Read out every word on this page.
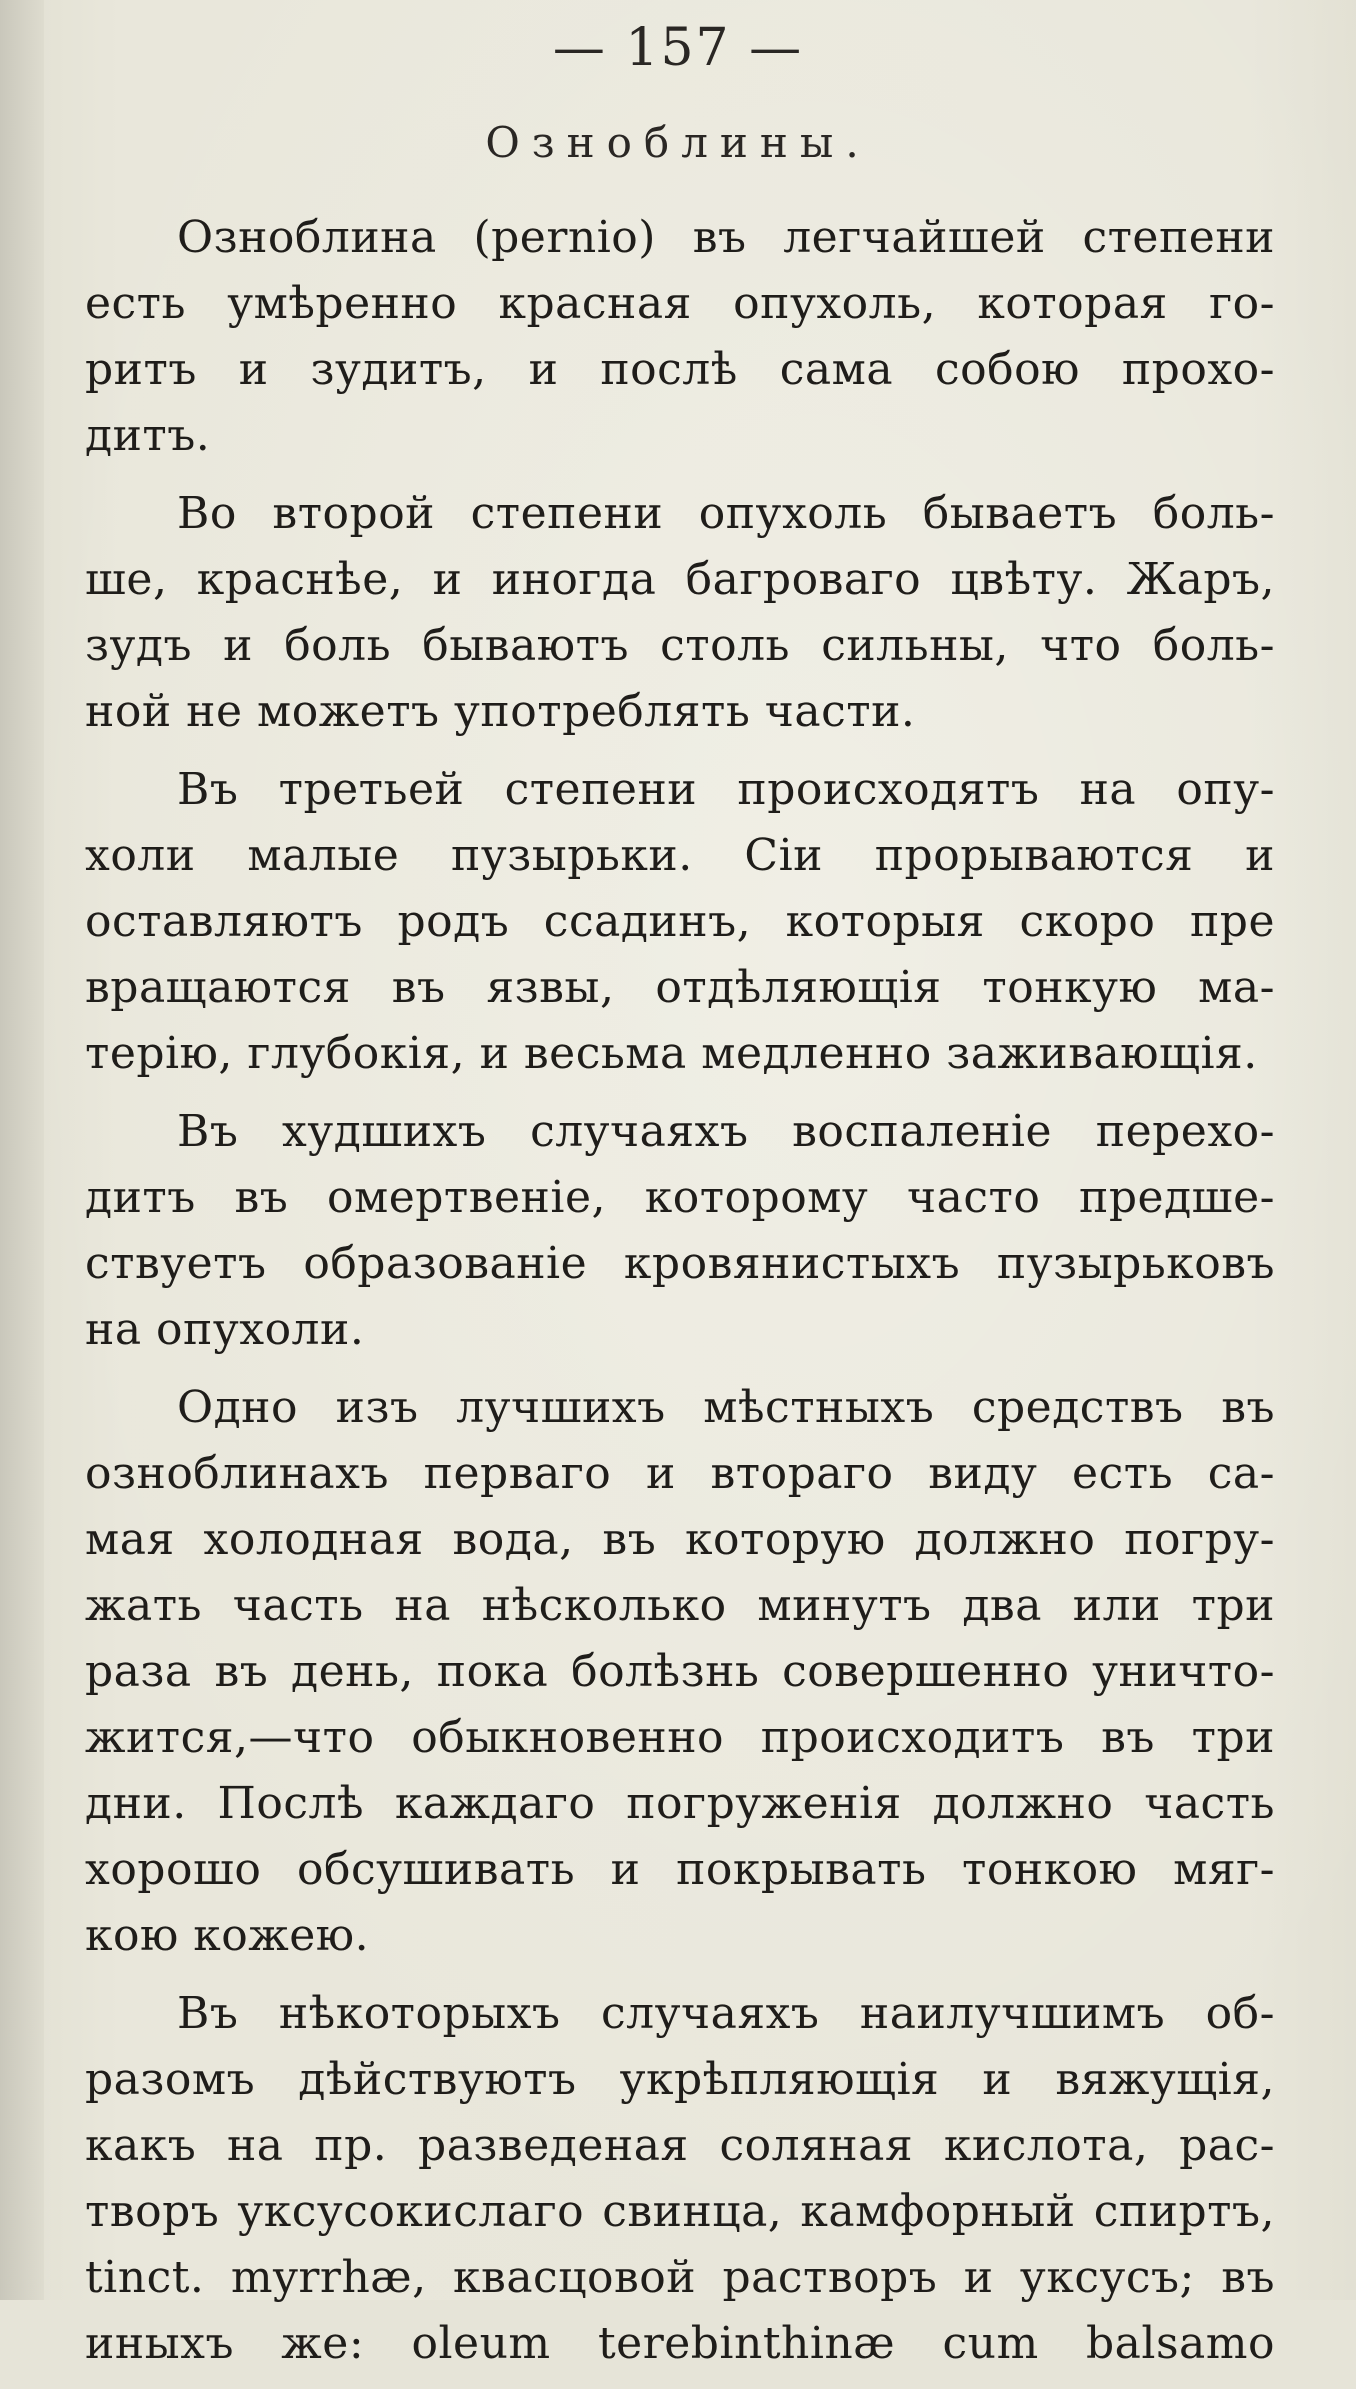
— 157 —
Озноблины.
Озноблина (pernio) въ легчайшей степени
есть умѣренно красная опухоль, которая го-
ритъ и зудитъ, и послѣ сама собою прохо-
дитъ.
Во второй степени опухоль бываетъ боль-
ше, краснѣе, и иногда багроваго цвѣту. Жаръ,
зудъ и боль бываютъ столь сильны, что боль-
ной не можетъ употреблять части.
Въ третьей степени происходятъ на опу-
холи малые пузырьки. Сіи прорываются и
оставляютъ родъ ссадинъ, которыя скоро пре
вращаются въ язвы, отдѣляющія тонкую ма-
терію, глубокія, и весьма медленно заживающія.
Въ худшихъ случаяхъ воспаленіе перехо-
дитъ въ омертвеніе, которому часто предше-
ствуетъ образованіе кровянистыхъ пузырьковъ
на опухоли.
Одно изъ лучшихъ мѣстныхъ средствъ въ
озноблинахъ перваго и втораго виду есть са-
мая холодная вода, въ которую должно погру-
жать часть на нѣсколько минутъ два или три
раза въ день, пока болѣзнь совершенно уничто-
жится,—что обыкновенно происходитъ въ три
дни. Послѣ каждаго погруженія должно часть
хорошо обсушивать и покрывать тонкою мяг-
кою кожею.
Въ нѣкоторыхъ случаяхъ наилучшимъ об-
разомъ дѣйствуютъ укрѣпляющія и вяжущія,
какъ на пр. разведеная соляная кислота, рас-
творъ уксусокислаго свинца, камфорный спиртъ,
tinct. myrrhæ, квасцовой растворъ и уксусъ; въ
иныхъ же: oleum terebinthinæ cum balsamo
